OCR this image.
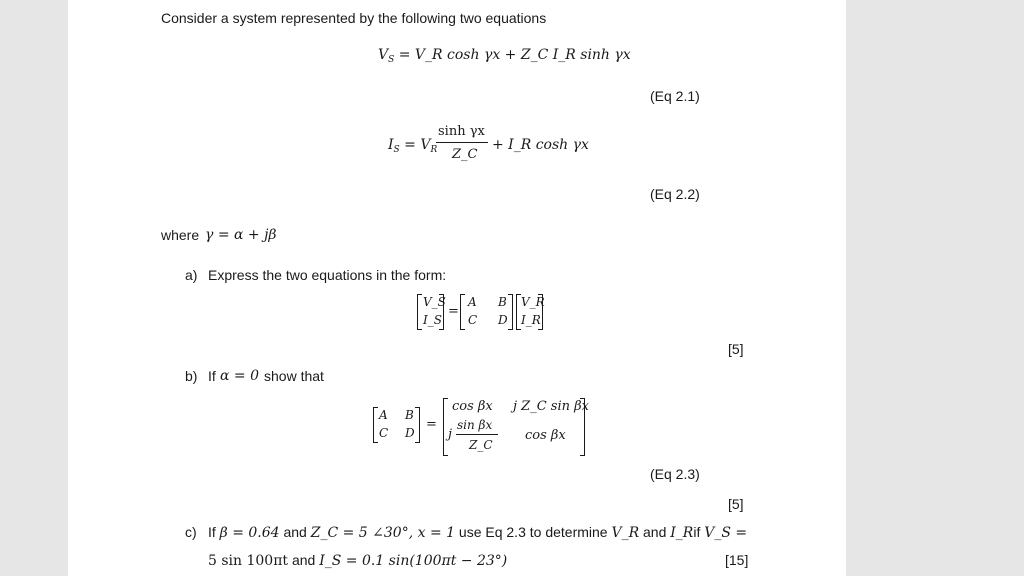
Consider a system represented by the following two equations
$V_S$ = V_R cosh γx + Z_C I_R sinh γx
(Eq 2.1)
$I_S = V_R$
sinh γx
Z_C
+ I_R cosh γx
(Eq 2.2)
where γ = α + jβ
a) Express the two equations in the form:
V_S
I_S
=
A B
C D
V_R
I_R
[5]
b) If α = 0 show that
A B
C D
=
cos βx j Z_C sin βx
j
sin βx
Z_C
cos βx
(Eq 2.3)
[5]
c) If β = 0.64 and Z_C = 5 ∠30°, x = 1 use Eq 2.3 to determine V_R and I_Rif V_S =
5 sin 100πt and I_S = 0.1 sin(100πt − 23°)	[15]
